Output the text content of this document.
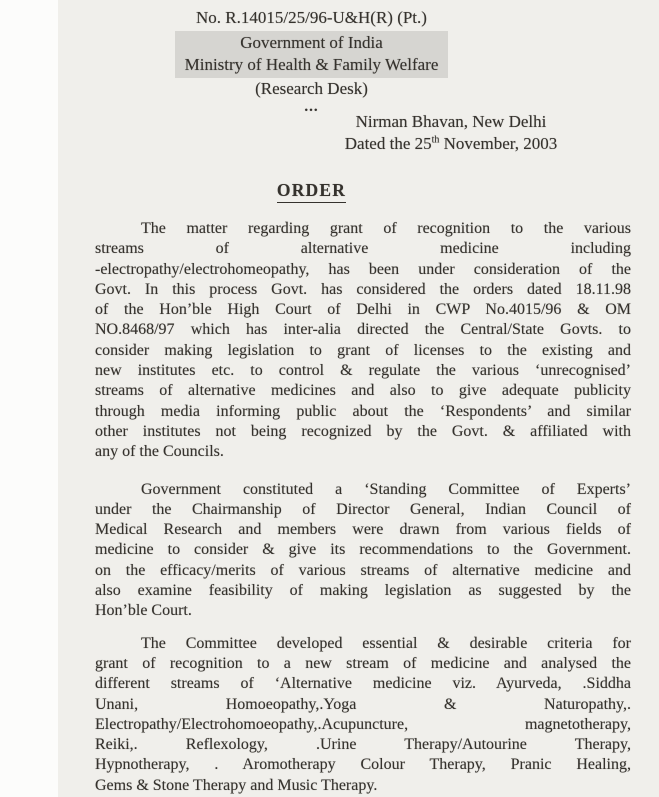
No. R.14015/25/96-U&H(R) (Pt.)
Government of India
Ministry of Health & Family Welfare
(Research Desk)
...
Nirman Bhavan, New Delhi
Dated the 25th November, 2003
ORDER
The matter regarding grant of recognition to the various
streams of alternative medicine including
-electropathy/electrohomeopathy, has been under consideration of the
Govt. In this process Govt. has considered the orders dated 18.11.98
of the Hon’ble High Court of Delhi in CWP No.4015/96 & OM
NO.8468/97 which has inter-alia directed the Central/State Govts. to
consider making legislation to grant of licenses to the existing and
new institutes etc. to control & regulate the various ‘unrecognised’
streams of alternative medicines and also to give adequate publicity
through media informing public about the ‘Respondents’ and similar
other institutes not being recognized by the Govt. & affiliated with
any of the Councils.
Government constituted a ‘Standing Committee of Experts’
under the Chairmanship of Director General, Indian Council of
Medical Research and members were drawn from various fields of
medicine to consider & give its recommendations to the Government.
on the efficacy/merits of various streams of alternative medicine and
also examine feasibility of making legislation as suggested by the
Hon’ble Court.
The Committee developed essential & desirable criteria for
grant of recognition to a new stream of medicine and analysed the
different streams of ‘Alternative medicine viz. Ayurveda, .Siddha
Unani, Homoeopathy,.Yoga & Naturopathy,.
Electropathy/Electrohomoeopathy,.Acupuncture, magnetotherapy,
Reiki,. Reflexology, .Urine Therapy/Autourine Therapy,
Hypnotherapy, . Aromotherapy Colour Therapy, Pranic Healing,
Gems & Stone Therapy and Music Therapy.
